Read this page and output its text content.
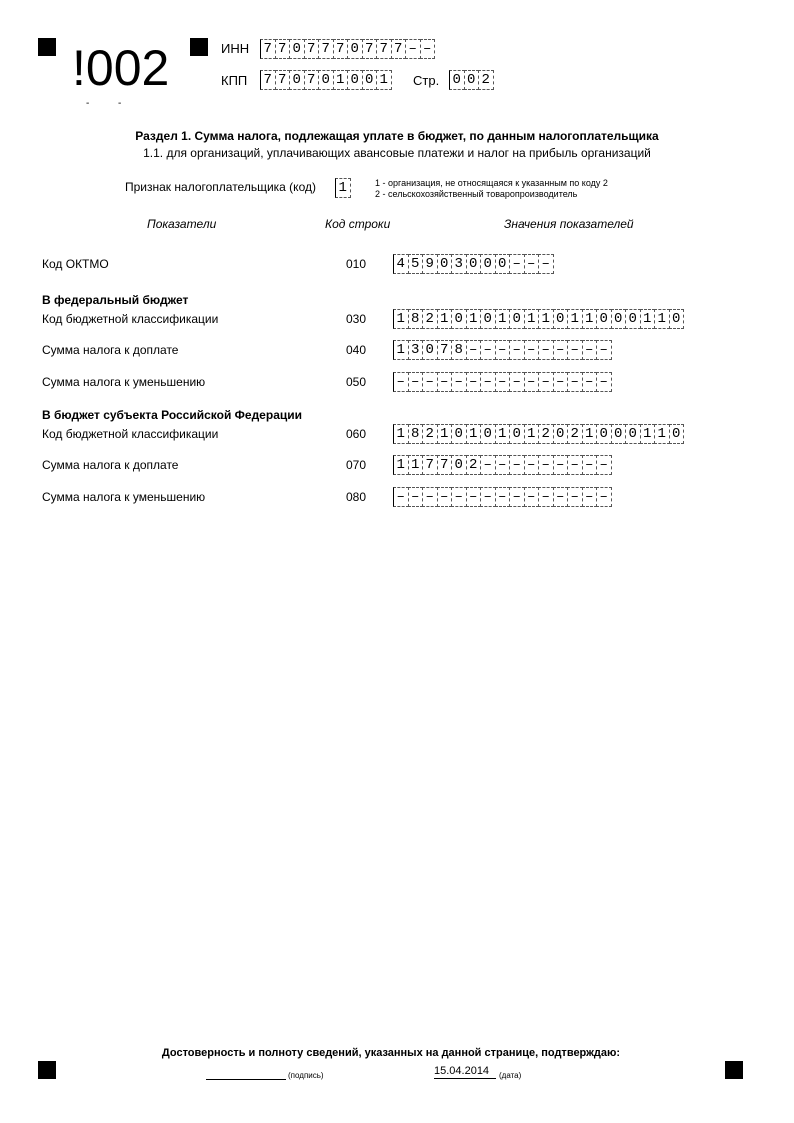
!002
-	-
ИНН 7 7 0 7 7 7 0 7 7 7 – –
КПП 7 7 0 7 0 1 0 0 1 Стр. 0 0 2
Раздел 1. Сумма налога, подлежащая уплате в бюджет, по данным налогоплательщика
1.1. для организаций, уплачивающих авансовые платежи и налог на прибыль организаций
Признак налогоплательщика (код) 1	1 - организация, не относящаяся к указанным по коду 2
2 - сельскохозяйственный товаропроизводитель
Показатели	Код строки	Значения показателей
Код ОКТМО	010 4 5 9 0 3 0 0 0 – – –
В федеральный бюджет
Код бюджетной классификации	030 1 8 2 1 0 1 0 1 0 1 1 0 1 1 0 0 0 1 1 0
Сумма налога к доплате	040 1 3 0 7 8 – – – – – – – – – –
Сумма налога к уменьшению	050 – – – – – – – – – – – – – – –
В бюджет субъекта Российской Федерации
Код бюджетной классификации	060 1 8 2 1 0 1 0 1 0 1 2 0 2 1 0 0 0 1 1 0
Сумма налога к доплате	070 1 1 7 7 0 2 – – – – – – – – –
Сумма налога к уменьшению	080 – – – – – – – – – – – – – – –
Достоверность и полноту сведений, указанных на данной странице, подтверждаю:
(подпись)	15.04.2014	(дата)
